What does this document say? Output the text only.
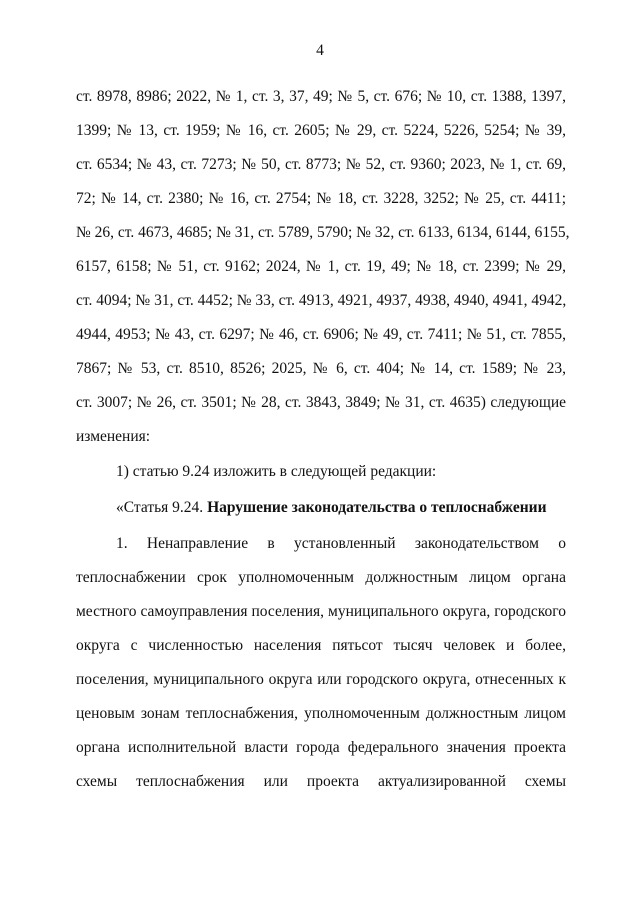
4
ст. 8978, 8986; 2022, № 1, ст. 3, 37, 49; № 5, ст. 676; № 10, ст. 1388, 1397,
1399; № 13, ст. 1959; № 16, ст. 2605; № 29, ст. 5224, 5226, 5254; № 39,
ст. 6534; № 43, ст. 7273; № 50, ст. 8773; № 52, ст. 9360; 2023, № 1, ст. 69,
72; № 14, ст. 2380; № 16, ст. 2754; № 18, ст. 3228, 3252; № 25, ст. 4411;
№ 26, ст. 4673, 4685; № 31, ст. 5789, 5790; № 32, ст. 6133, 6134, 6144, 6155,
6157, 6158; № 51, ст. 9162; 2024, № 1, ст. 19, 49; № 18, ст. 2399; № 29,
ст. 4094; № 31, ст. 4452; № 33, ст. 4913, 4921, 4937, 4938, 4940, 4941, 4942,
4944, 4953; № 43, ст. 6297; № 46, ст. 6906; № 49, ст. 7411; № 51, ст. 7855,
7867; № 53, ст. 8510, 8526; 2025, № 6, ст. 404; № 14, ст. 1589; № 23,
ст. 3007; № 26, ст. 3501; № 28, ст. 3843, 3849; № 31, ст. 4635) следующие
изменения:
1) статью 9.24 изложить в следующей редакции:
«Статья 9.24. Нарушение законодательства о теплоснабжении
1. Ненаправление в установленный законодательством о
теплоснабжении срок уполномоченным должностным лицом органа
местного самоуправления поселения, муниципального округа, городского
округа с численностью населения пятьсот тысяч человек и более,
поселения, муниципального округа или городского округа, отнесенных к
ценовым зонам теплоснабжения, уполномоченным должностным лицом
органа исполнительной власти города федерального значения проекта
схемы теплоснабжения или проекта актуализированной схемы
